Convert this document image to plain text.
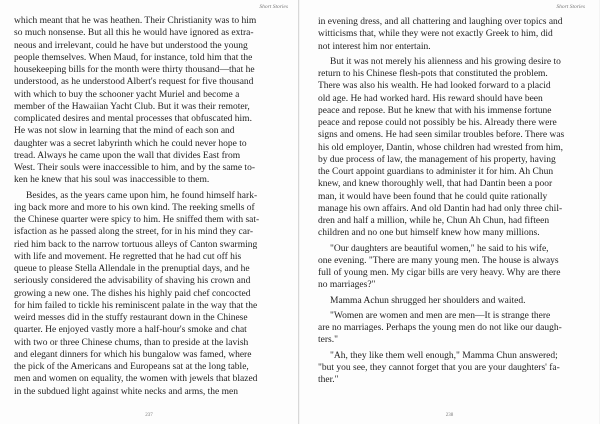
Short Stories
which meant that he was heathen. Their Christianity was to him
so much nonsense. But all this he would have ignored as extra-
neous and irrelevant, could he have but understood the young
people themselves. When Maud, for instance, told him that the
housekeeping bills for the month were thirty thousand—that he
understood, as he understood Albert's request for five thousand
with which to buy the schooner yacht Muriel and become a
member of the Hawaiian Yacht Club. But it was their remoter,
complicated desires and mental processes that obfuscated him.
He was not slow in learning that the mind of each son and
daughter was a secret labyrinth which he could never hope to
tread. Always he came upon the wall that divides East from
West. Their souls were inaccessible to him, and by the same to-
ken he knew that his soul was inaccessible to them.
Besides, as the years came upon him, he found himself hark-
ing back more and more to his own kind. The reeking smells of
the Chinese quarter were spicy to him. He sniffed them with sat-
isfaction as he passed along the street, for in his mind they car-
ried him back to the narrow tortuous alleys of Canton swarming
with life and movement. He regretted that he had cut off his
queue to please Stella Allendale in the prenuptial days, and he
seriously considered the advisability of shaving his crown and
growing a new one. The dishes his highly paid chef concocted
for him failed to tickle his reminiscent palate in the way that the
weird messes did in the stuffy restaurant down in the Chinese
quarter. He enjoyed vastly more a half-hour's smoke and chat
with two or three Chinese chums, than to preside at the lavish
and elegant dinners for which his bungalow was famed, where
the pick of the Americans and Europeans sat at the long table,
men and women on equality, the women with jewels that blazed
in the subdued light against white necks and arms, the men
237
Short Stories
in evening dress, and all chattering and laughing over topics and
witticisms that, while they were not exactly Greek to him, did
not interest him nor entertain.
But it was not merely his alienness and his growing desire to
return to his Chinese flesh-pots that constituted the problem.
There was also his wealth. He had looked forward to a placid
old age. He had worked hard. His reward should have been
peace and repose. But he knew that with his immense fortune
peace and repose could not possibly be his. Already there were
signs and omens. He had seen similar troubles before. There was
his old employer, Dantin, whose children had wrested from him,
by due process of law, the management of his property, having
the Court appoint guardians to administer it for him. Ah Chun
knew, and knew thoroughly well, that had Dantin been a poor
man, it would have been found that he could quite rationally
manage his own affairs. And old Dantin had had only three chil-
dren and half a million, while he, Chun Ah Chun, had fifteen
children and no one but himself knew how many millions.
"Our daughters are beautiful women," he said to his wife,
one evening. "There are many young men. The house is always
full of young men. My cigar bills are very heavy. Why are there
no marriages?"
Mamma Achun shrugged her shoulders and waited.
"Women are women and men are men—It is strange there
are no marriages. Perhaps the young men do not like our daugh-
ters."
"Ah, they like them well enough," Mamma Chun answered;
"but you see, they cannot forget that you are your daughters' fa-
ther."
238
